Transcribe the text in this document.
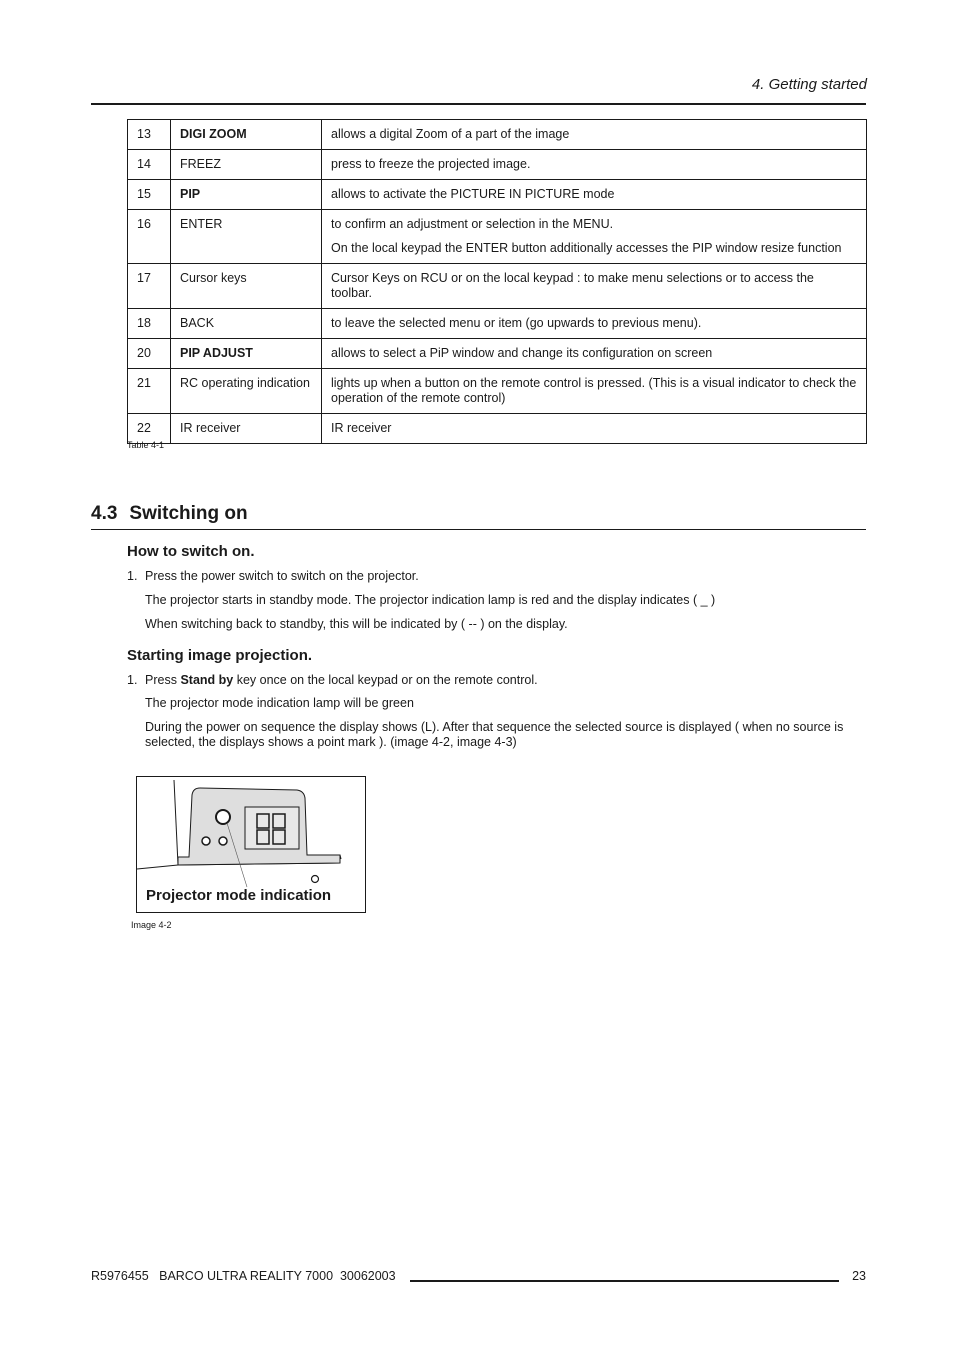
4. Getting started
13	DIGI ZOOM	allows a digital Zoom of a part of the image

14	FREEZ	press to freeze the projected image.

15	PIP	allows to activate the PICTURE IN PICTURE mode

16	ENTER	to confirm an adjustment or selection in the MENU.

On the local keypad the ENTER button additionally accesses the PIP window resize function

17	Cursor keys	Cursor Keys on RCU or on the local keypad : to make menu selections or to access the toolbar.

18	BACK	to leave the selected menu or item (go upwards to previous menu).

20	PIP ADJUST	allows to select a PiP window and change its configuration on screen

21	RC operating indication	lights up when a button on the remote control is pressed. (This is a visual indicator to check the operation of the remote control)

22	IR receiver	IR receiver

Table 4-1
4.3 Switching on
How to switch on.
1. Press the power switch to switch on the projector.
The projector starts in standby mode. The projector indication lamp is red and the display indicates ( _ )
When switching back to standby, this will be indicated by ( -- ) on the display.
Starting image projection.
1. Press Stand by key once on the local keypad or on the remote control.
The projector mode indication lamp will be green
During the power on sequence the display shows (L). After that sequence the selected source is displayed ( when no source is selected, the displays shows a point mark ). (image 4-2, image 4-3)
Projector mode indication
Image 4-2
R5976455   BARCO ULTRA REALITY 7000  30062003	23
